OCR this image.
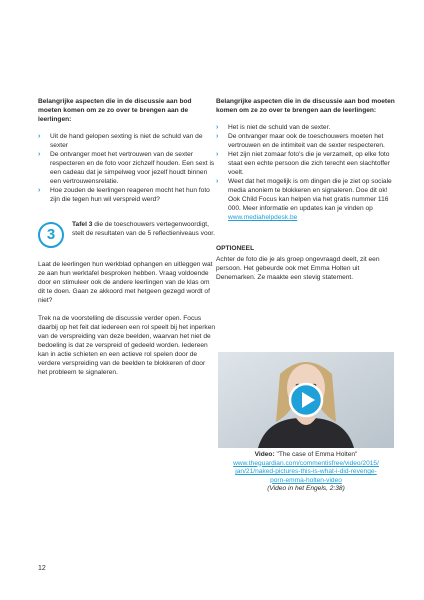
Belangrijke aspecten die in de discussie aan bod moeten komen om ze zo over te brengen aan de leerlingen:

› Uit de hand gelopen sexting is niet de schuld van de sexter
› De ontvanger moet het vertrouwen van de sexter respecteren en de foto voor zichzelf houden. Een sext is een cadeau dat je simpelweg voor jezelf houdt binnen een vertrouwensrelatie.
› Hoe zouden de leerlingen reageren mocht het hun foto zijn die tegen hun wil verspreid werd?
3
Tafel 3 die de toeschouwers vertegenwoordigt, stelt de resultaten van de 5 reflectieniveaus voor.

Laat de leerlingen hun werkblad ophangen en uitleggen wat ze aan hun werktafel besproken hebben. Vraag voldoende door en stimuleer ook de andere leerlingen van de klas om dit te doen. Gaan ze akkoord met hetgeen gezegd wordt of niet?

Trek na de voorstelling de discussie verder open. Focus daarbij op het feit dat iedereen een rol speelt bij het inperken van de verspreiding van deze beelden, waarvan het niet de bedoeling is dat ze verspreid of gedeeld worden. Iedereen kan in actie schieten en een actieve rol spelen door de verdere verspreiding van de beelden te blokkeren of door het probleem te signaleren.

Belangrijke aspecten die in de discussie aan bod moeten komen om ze zo over te brengen aan de leerlingen:

› Het is niet de schuld van de sexter.
› De ontvanger maar ook de toeschouwers moeten het vertrouwen en de intimiteit van de sexter respecteren.
› Het zijn niet zomaar foto's die je verzamelt, op elke foto staat een echte persoon die zich terecht een slachtoffer voelt.
› Weet dat het mogelijk is om dingen die je ziet op sociale media anoniem te blokkeren en signaleren. Doe dit ok! Ook Child Focus kan helpen via het gratis nummer 116 000. Meer informatie en updates kan je vinden op www.mediahelpdesk.be

OPTIONEEL

Achter de foto die je als groep ongevraagd deelt, zit een persoon. Het gebeurde ook met Emma Holten uit Denemarken. Ze maakte een stevig statement.

Video: "The case of Emma Holten"
www.theguardian.com/commentisfree/video/2015/
jan/21/naked-pictures-this-is-what-i-did-revenge-
porn-emma-holten-video
(Video in het Engels, 2:38)
12
